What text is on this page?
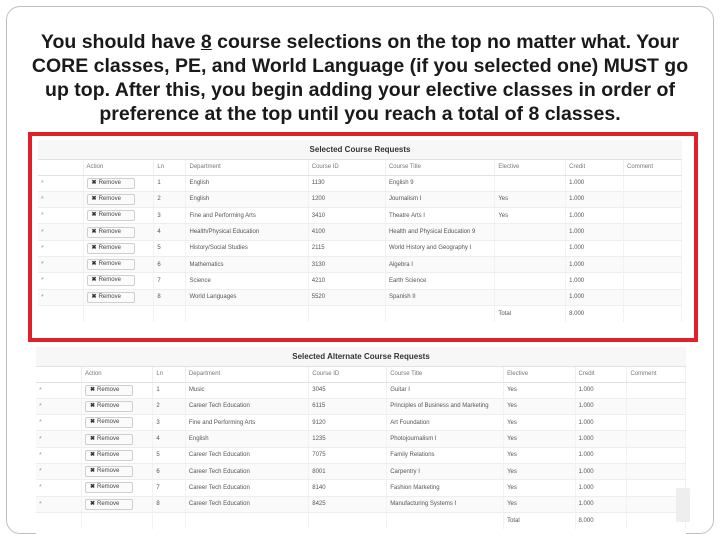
You should have 8 course selections on the top no matter what. Your CORE classes, PE, and World Language (if you selected one) MUST go up top. After this, you begin adding your elective classes in order of preference at the top until you reach a total of 8 classes.
Selected Course Requests
	Action	Ln	Department	Course ID	Course Title	Elective	Credit	Comment
*	✖ Remove	1	English	1130	English 9		1.000	
*	✖ Remove	2	English	1200	Journalism I	Yes	1.000	
*	✖ Remove	3	Fine and Performing Arts	3410	Theatre Arts I	Yes	1.000	
*	✖ Remove	4	Health/Physical Education	4100	Health and Physical Education 9		1.000	
*	✖ Remove	5	History/Social Studies	2115	World History and Geography I		1.000	
*	✖ Remove	6	Mathematics	3130	Algebra I		1.000	
*	✖ Remove	7	Science	4210	Earth Science		1.000	
*	✖ Remove	8	World Languages	5520	Spanish II		1.000	
						Total	8.000	
Selected Alternate Course Requests
	Action	Ln	Department	Course ID	Course Title	Elective	Credit	Comment
*	✖ Remove	1	Music	3045	Guitar I	Yes	1.000	
*	✖ Remove	2	Career Tech Education	6115	Principles of Business and Marketing	Yes	1.000	
*	✖ Remove	3	Fine and Performing Arts	9120	Art Foundation	Yes	1.000	
*	✖ Remove	4	English	1235	Photojournalism I	Yes	1.000	
*	✖ Remove	5	Career Tech Education	7075	Family Relations	Yes	1.000	
*	✖ Remove	6	Career Tech Education	8001	Carpentry I	Yes	1.000	
*	✖ Remove	7	Career Tech Education	8140	Fashion Marketing	Yes	1.000	
*	✖ Remove	8	Career Tech Education	8425	Manufacturing Systems I	Yes	1.000	
						Total	8.000	
